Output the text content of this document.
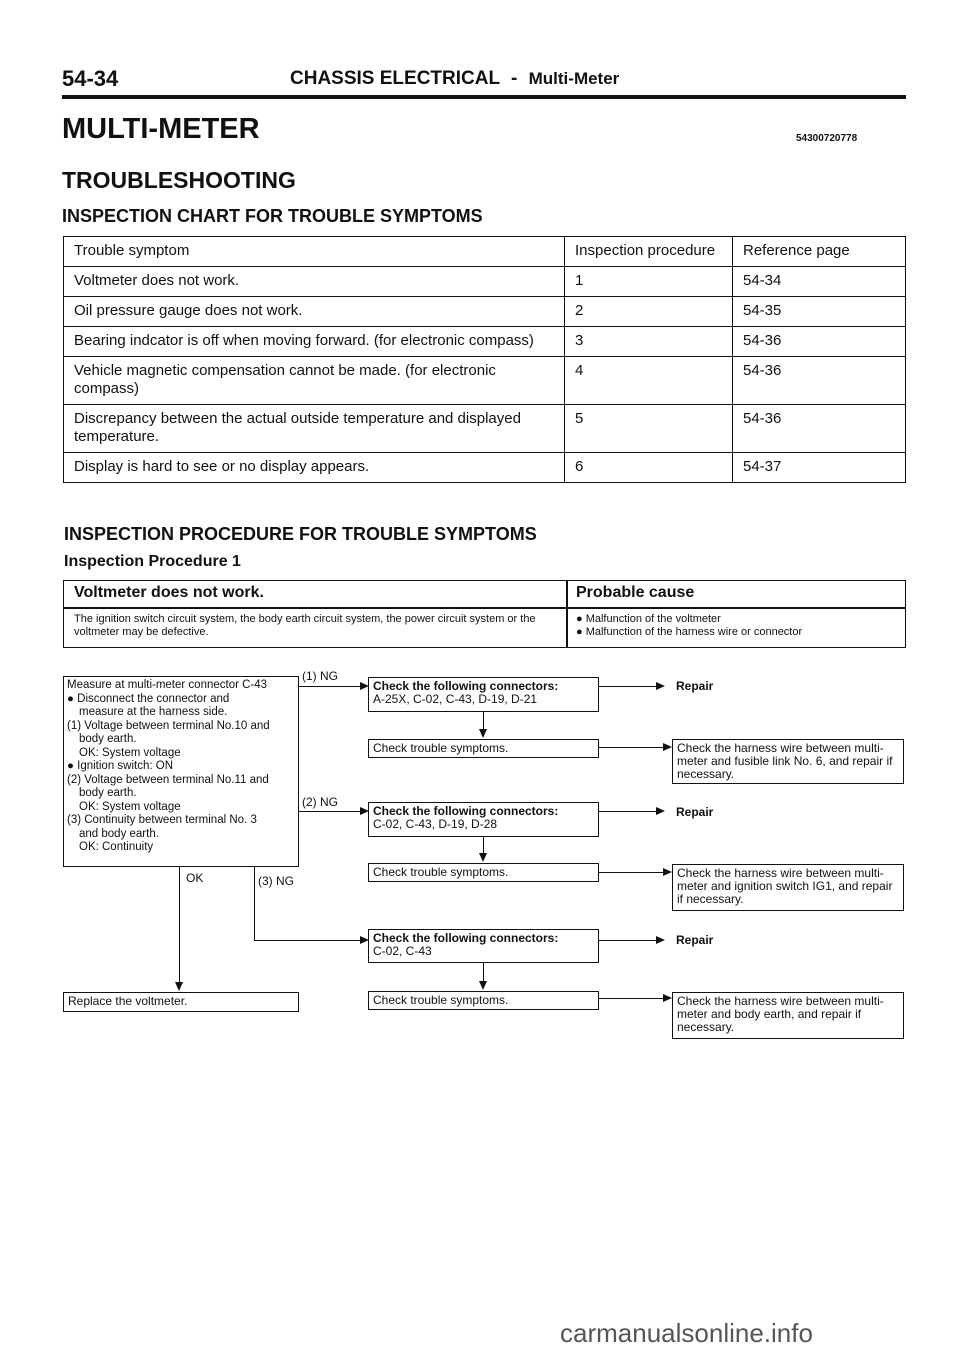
54-34	CHASSIS ELECTRICAL - Multi-Meter
MULTI-METER	54300720778
TROUBLESHOOTING
INSPECTION CHART FOR TROUBLE SYMPTOMS
Trouble symptom	Inspection procedure	Reference page
Voltmeter does not work.	1	54-34
Oil pressure gauge does not work.	2	54-35
Bearing indcator is off when moving forward. (for electronic compass)	3	54-36
Vehicle magnetic compensation cannot be made. (for electronic compass)	4	54-36
Discrepancy between the actual outside temperature and displayed temperature.	5	54-36
Display is hard to see or no display appears.	6	54-37
INSPECTION PROCEDURE FOR TROUBLE SYMPTOMS
Inspection Procedure 1
Voltmeter does not work.	Probable cause
The ignition switch circuit system, the body earth circuit system, the power circuit system or the voltmeter may be defective.
● Malfunction of the voltmeter
● Malfunction of the harness wire or connector
Measure at multi-meter connector C-43
● Disconnect the connector and
measure at the harness side.
(1) Voltage between terminal No.10 and
body earth.
OK: System voltage
● Ignition switch: ON
(2) Voltage between terminal No.11 and
body earth.
OK: System voltage
(3) Continuity between terminal No. 3
and body earth.
OK: Continuity
(1) NG
(2) NG
OK	(3) NG
Check the following connectors:
A-25X, C-02, C-43, D-19, D-21
Check trouble symptoms.
Check the following connectors:
C-02, C-43, D-19, D-28
Check trouble symptoms.
Check the following connectors:
C-02, C-43
Check trouble symptoms.
Repair
Check the harness wire between multi-meter and fusible link No. 6, and repair if necessary.
Repair
Check the harness wire between multi-meter and ignition switch IG1, and repair if necessary.
Repair
Check the harness wire between multi-meter and body earth, and repair if necessary.
Replace the voltmeter.
carmanualsonline.info
